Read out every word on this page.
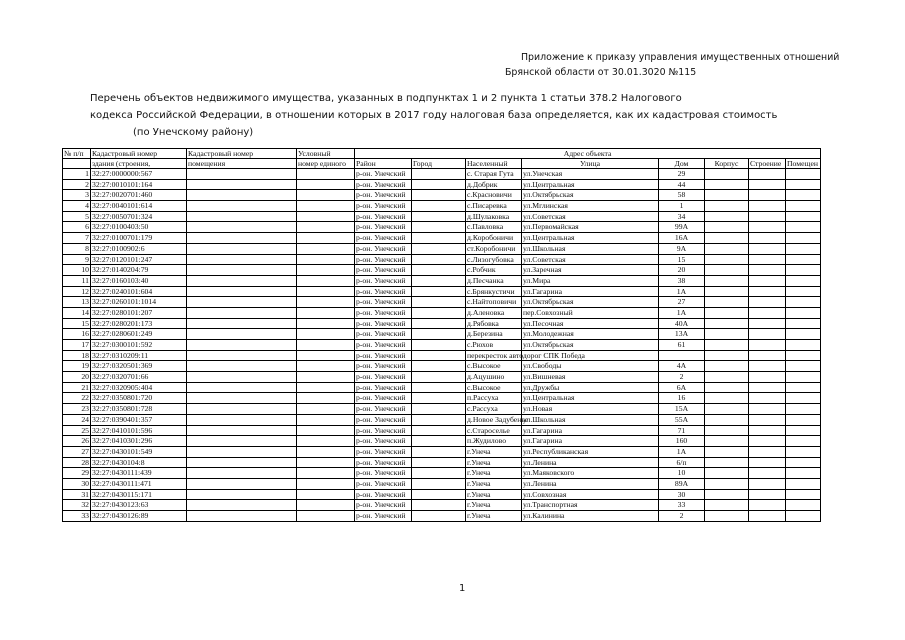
Приложение к приказу управления имущественных отношений
Брянской области от 30.01.3020 №115
Перечень объектов недвижимого имущества, указанных в подпунктах 1 и 2 пункта 1 статьи 378.2 Налогового
кодекса Российской Федерации, в отношении которых в 2017 году налоговая база определяется, как их кадастровая стоимость
(по Унечскому району)
№ п/п	Кадастровый номер	Кадастровый номер	Условный	Адрес объекта							
	здания (строения,	помещения	номер единого	Район	Город	Населенный	Улица	Дом	Корпус	Строение	Помещен
1	32:27:0000000:567			р-он. Унечский		с. Старая Гута	ул.Унечская	29			
2	32:27:0010101:164			р-он. Унечский		д.Добрик	ул.Центральная	44			
3	32:27:0020701:460			р-он. Унечский		с.Красновичи	ул.Октябрьская	58			
4	32:27:0040101:614			р-он. Унечский		с.Писаревка	ул.Мглинская	1			
5	32:27:0050701:324			р-он. Унечский		д.Шулаковка	ул.Советская	34			
6	32:27:0100403:50			р-он. Унечский		с.Павловка	ул.Первомайская	99А			
7	32:27:0100701:179			р-он. Унечский		д.Коробоничи	ул.Центральная	16А			
8	32:27:0100902:6			р-он. Унечский		ст.Коробоничи	ул.Школьная	9А			
9	32:27:0120101:247			р-он. Унечский		с.Лизогубовка	ул.Советская	15			
10	32:27:0140204:79			р-он. Унечский		с.Робчик	ул.Заречная	20			
11	32:27:0160103:40			р-он. Унечский		д.Песчанка	ул.Мира	38			
12	32:27:0240101:604			р-он. Унечский		с.Брянкустичи	ул.Гагарина	1А			
13	32:27:0260101:1014			р-он. Унечский		с.Найтоповичи	ул.Октябрьская	27			
14	32:27:0280101:207			р-он. Унечский		д.Аленовка	пер.Совхозный	1А			
15	32:27:0280201:173			р-он. Унечский		д.Рябовка	ул.Песочная	40А			
16	32:27:0280601:249			р-он. Унечский		д.Березина	ул.Молодежная	13А			
17	32:27:0300101:592			р-он. Унечский		с.Рюхов	ул.Октябрьская	61			
18	32:27:0310209:11			р-он. Унечский		перекресток автодорог СПК Победа					
19	32:27:0320501:369			р-он. Унечский		с.Высокое	ул.Свободы	4А			
20	32:27:0320701:66			р-он. Унечский		д.Ацушино	ул.Вишневая	2			
21	32:27:0320905:404			р-он. Унечский		с.Высокое	ул.Дружбы	6А			
22	32:27:0350801:720			р-он. Унечский		п.Рассуха	ул.Центральная	16			
23	32:27:0350801:728			р-он. Унечский		с.Рассуха	ул.Новая	15А			
24	32:27:0390401:357			р-он. Унечский		д.Новое Задубенье	ул.Школьная	55А			
25	32:27:0410101:596			р-он. Унечский		с.Староселье	ул.Гагарина	71			
26	32:27:0410301:296			р-он. Унечский		п.Жудилово	ул.Гагарина	160			
27	32:27:0430101:549			р-он. Унечский		г.Унеча	ул.Республиканская	1А			
28	32:27:0430104:8			р-он. Унечский		г.Унеча	ул.Ленина	6/п			
29	32:27:0430111:439			р-он. Унечский		г.Унеча	ул.Маяковского	10			
30	32:27:0430111:471			р-он. Унечский		г.Унеча	ул.Ленина	89А			
31	32:27:0430115:171			р-он. Унечский		г.Унеча	ул.Совхозная	30			
32	32:27:0430123:63			р-он. Унечский		г.Унеча	ул.Транспортная	33			
33	32:27:0430126:89			р-он. Унечский		г.Унеча	ул.Калинина	2			
1
